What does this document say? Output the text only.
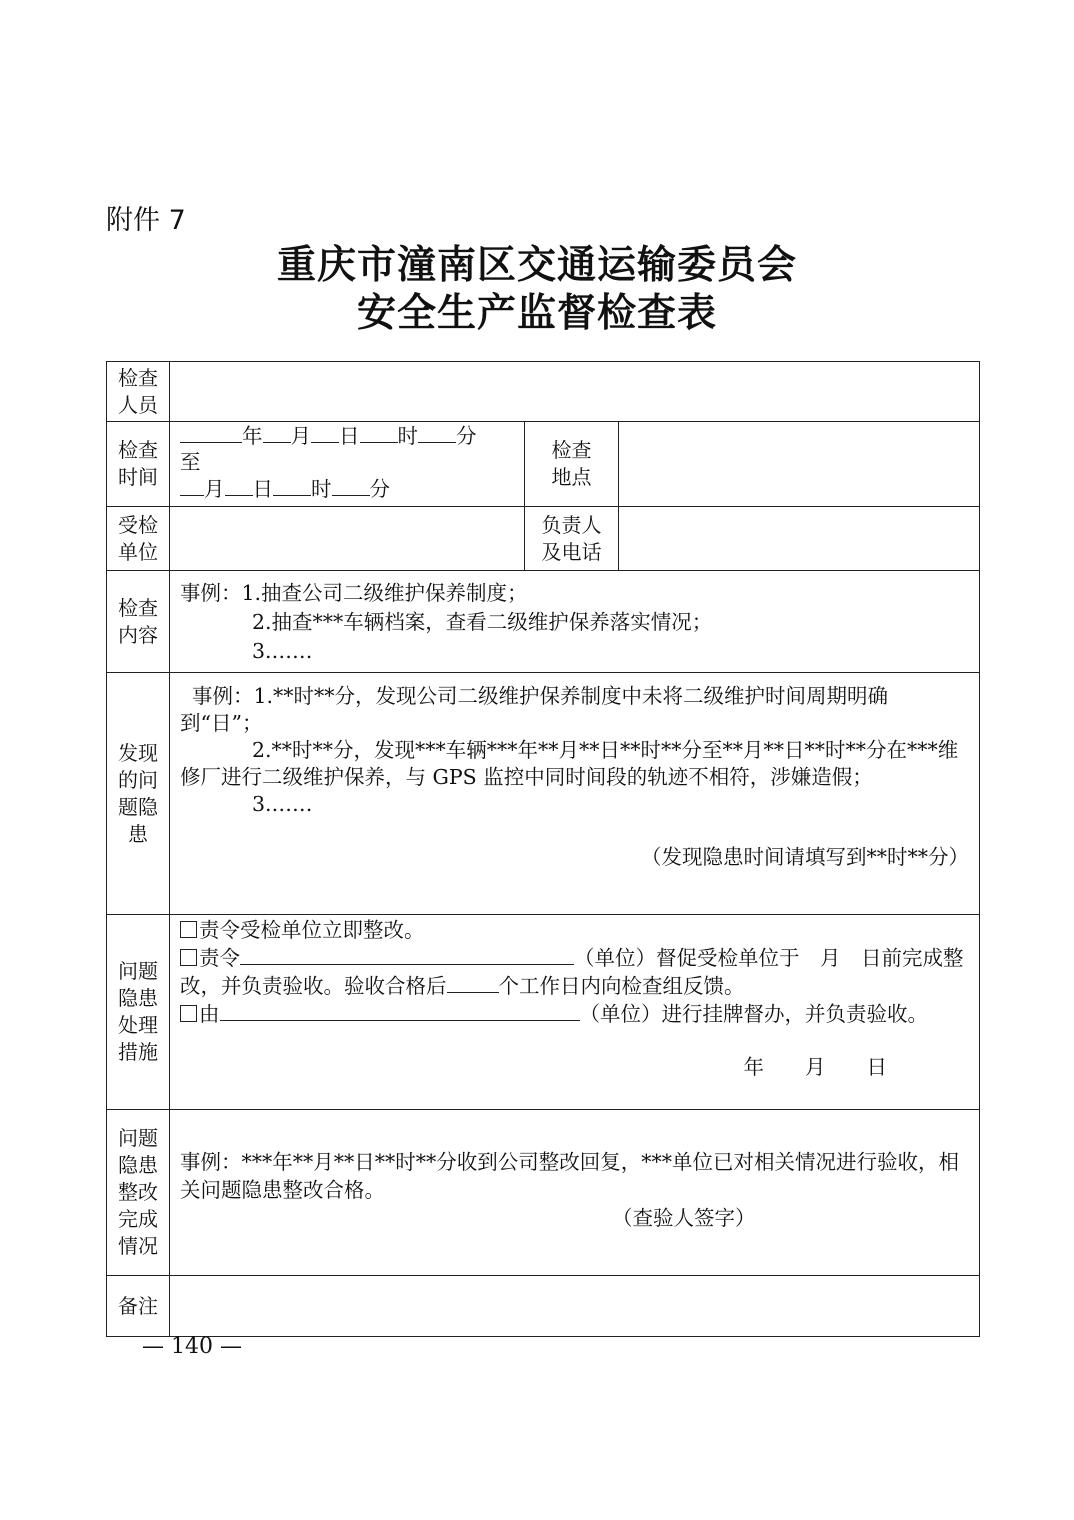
附件 7
重庆市潼南区交通运输委员会
安全生产监督检查表
检查人员			
检查时间	年 月 日 时 分
至
月 日 时 分	检查地点	
受检单位		负责人及电话	
检查内容	事例：1.抽查公司二级维护保养制度；
2.抽查***车辆档案，查看二级维护保养落实情况；
3.……		

发现的问题隐患	事例：1.**时**分，发现公司二级维护保养制度中未将二级维护时间周期明确到“日”；
2.**时**分，发现***车辆***年**月**日**时**分至**月**日**时**分在***维修厂进行二级维护保养，与 GPS 监控中同时间段的轨迹不相符，涉嫌造假；
3.……
（发现隐患时间请填写到**时**分）		

问题隐患处理措施	责令受检单位立即整改。
责令 （单位）督促受检单位于　月　日前完成整改，并负责验收。验收合格后 个工作日内向检查组反馈。
由 （单位）进行挂牌督办，并负责验收。
年　　月　　日		

问题隐患整改完成情况	事例：***年**月**日**时**分收到公司整改回复，***单位已对相关情况进行验收，相关问题隐患整改合格。
（查验人签字）		

备注			
— 140 —
